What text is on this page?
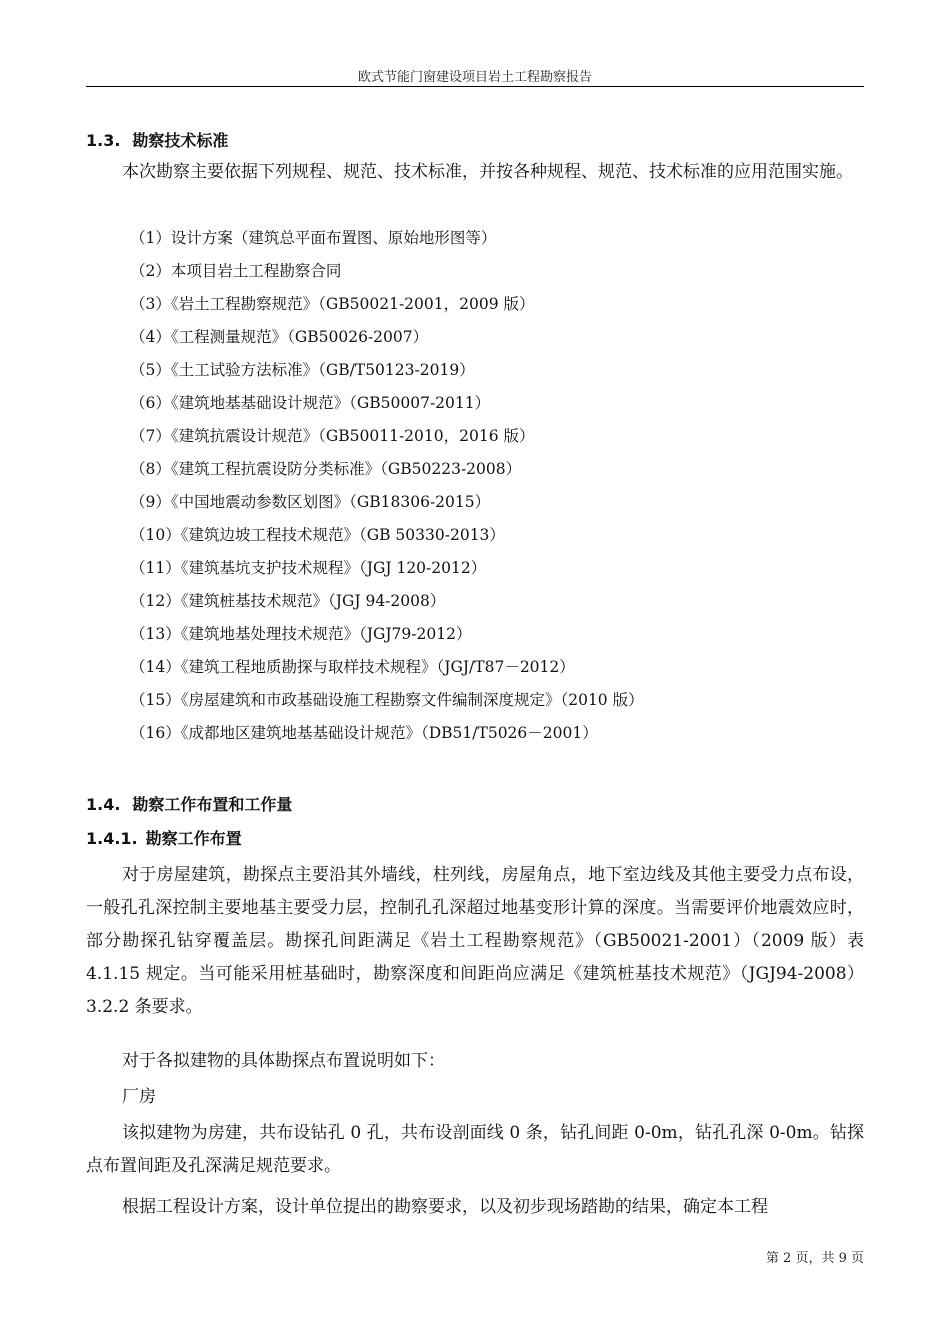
欧式节能门窗建设项目岩土工程勘察报告
1.3. 勘察技术标准

本次勘察主要依据下列规程、规范、技术标准，并按各种规程、规范、技术标准的应用范围实施。

（1）设计方案（建筑总平面布置图、原始地形图等）
（2）本项目岩土工程勘察合同
（3）《岩土工程勘察规范》（GB50021-2001，2009 版）
（4）《工程测量规范》（GB50026-2007）
（5）《土工试验方法标准》（GB/T50123-2019）
（6）《建筑地基基础设计规范》（GB50007-2011）
（7）《建筑抗震设计规范》（GB50011-2010，2016 版）
（8）《建筑工程抗震设防分类标准》（GB50223-2008）
（9）《中国地震动参数区划图》（GB18306-2015）
（10）《建筑边坡工程技术规范》（GB 50330-2013）
（11）《建筑基坑支护技术规程》（JGJ 120-2012）
（12）《建筑桩基技术规范》（JGJ 94-2008）
（13）《建筑地基处理技术规范》（JGJ79-2012）
（14）《建筑工程地质勘探与取样技术规程》（JGJ/T87－2012）
（15）《房屋建筑和市政基础设施工程勘察文件编制深度规定》（2010 版）
（16）《成都地区建筑地基基础设计规范》（DB51/T5026－2001）
1.4. 勘察工作布置和工作量
1.4.1. 勘察工作布置

对于房屋建筑，勘探点主要沿其外墙线，柱列线，房屋角点，地下室边线及其他主要受力点布设，一般孔孔深控制主要地基主要受力层，控制孔孔深超过地基变形计算的深度。当需要评价地震效应时，部分勘探孔钻穿覆盖层。勘探孔间距满足《岩土工程勘察规范》（GB50021-2001）（2009 版）表 4.1.15 规定。当可能采用桩基础时，勘察深度和间距尚应满足《建筑桩基技术规范》（JGJ94-2008）3.2.2 条要求。

对于各拟建物的具体勘探点布置说明如下：
厂房

该拟建物为房建，共布设钻孔 0 孔，共布设剖面线 0 条，钻孔间距 0-0m，钻孔孔深 0-0m。钻探点布置间距及孔深满足规范要求。

根据工程设计方案，设计单位提出的勘察要求，以及初步现场踏勘的结果，确定本工程
第 2 页，共 9 页
